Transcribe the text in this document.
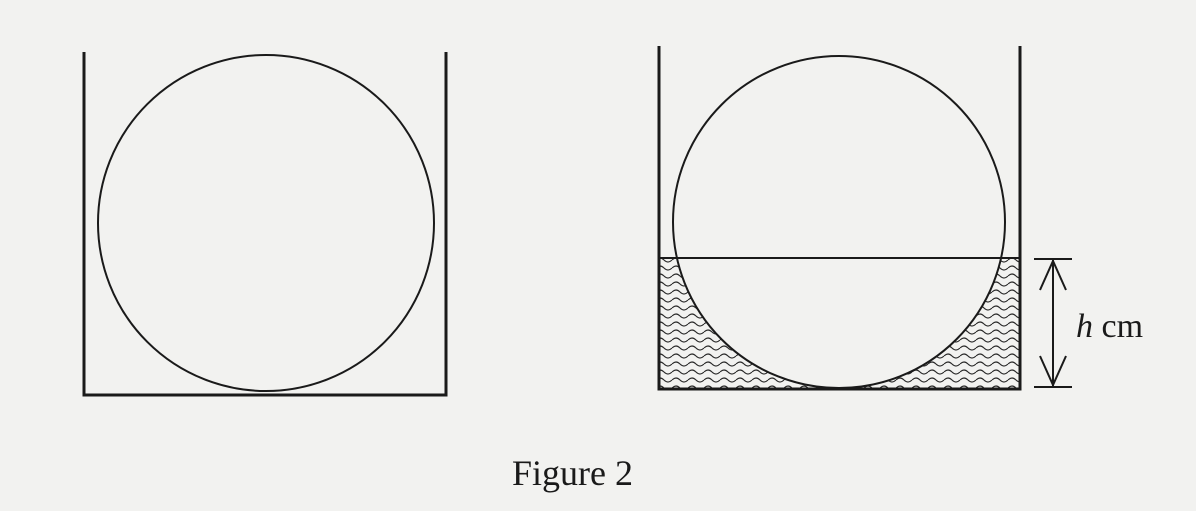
h cm
Figure 2
